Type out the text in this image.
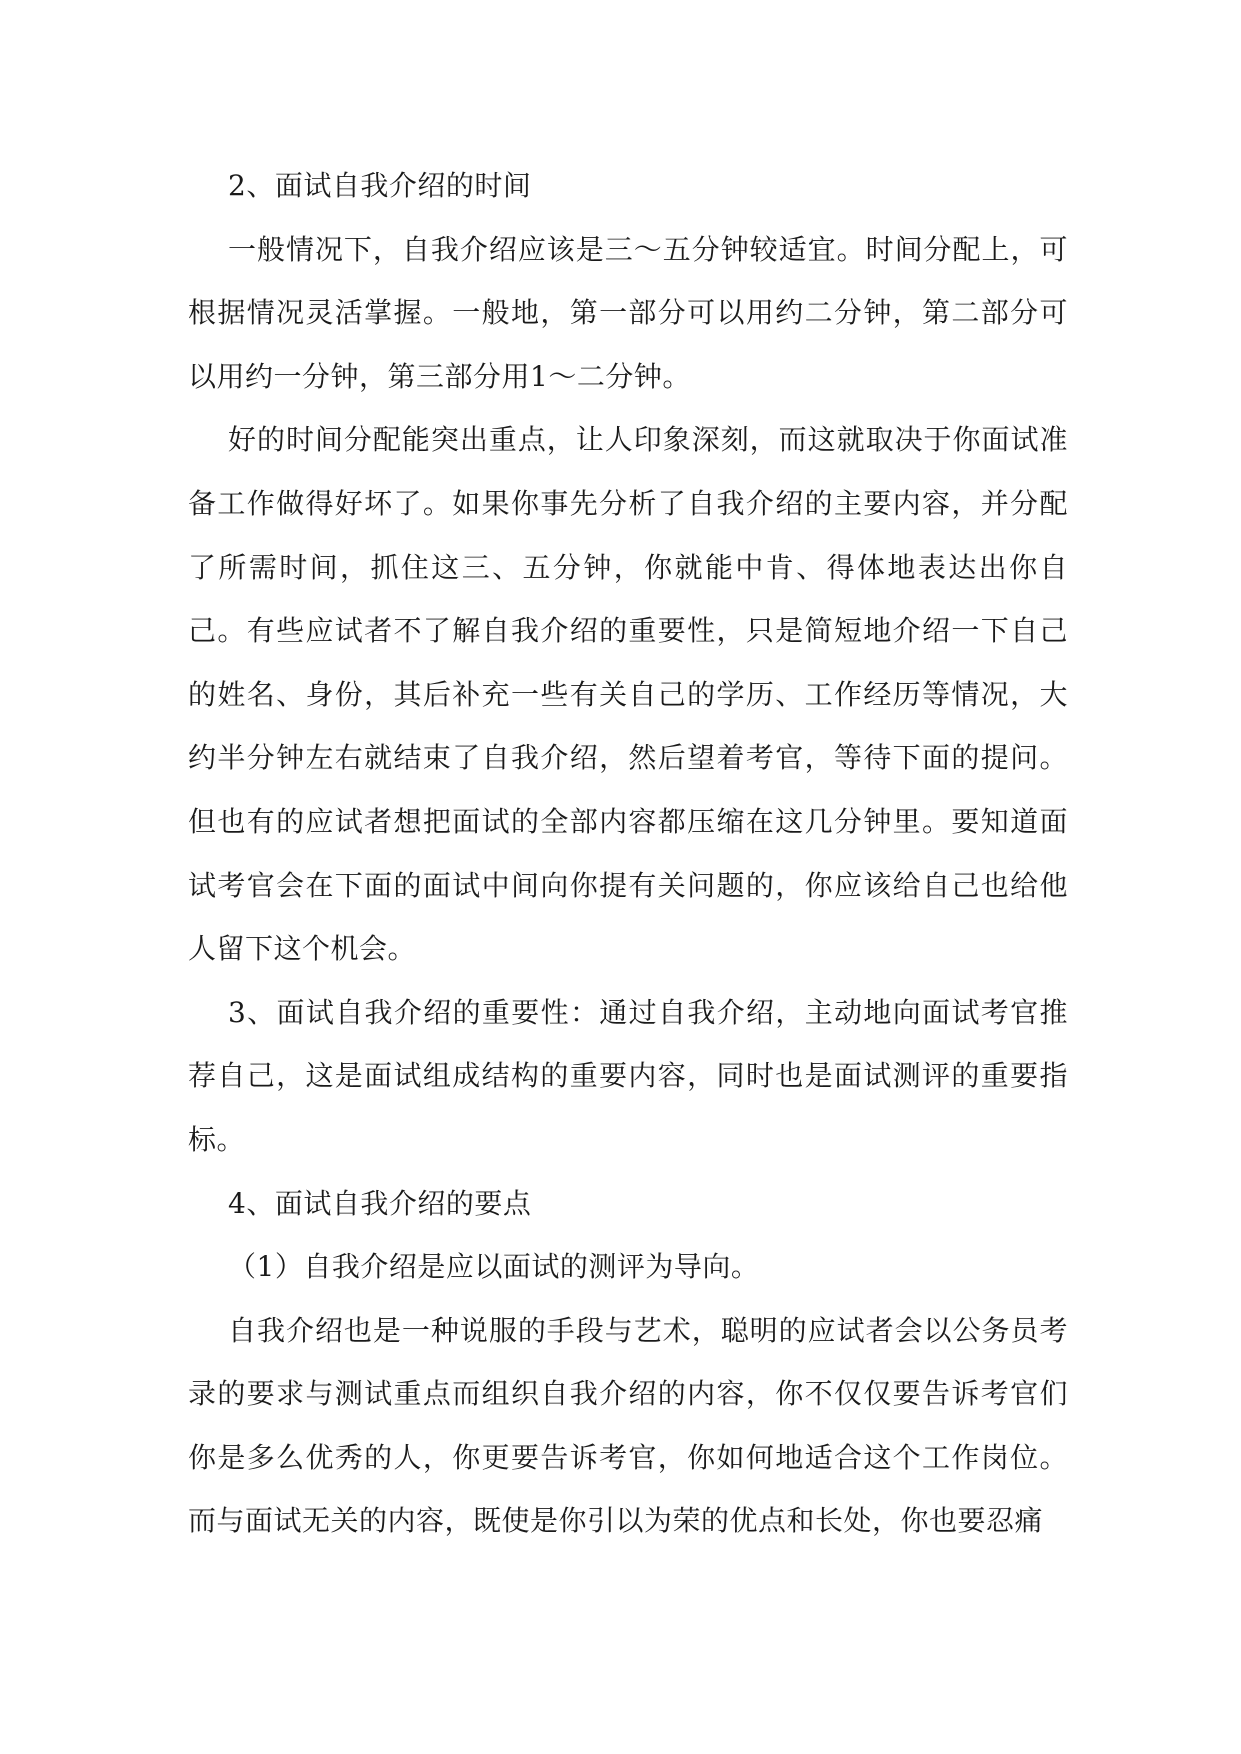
2、面试自我介绍的时间

一般情况下，自我介绍应该是三～五分钟较适宜。时间分配上，可根据情况灵活掌握。一般地，第一部分可以用约二分钟，第二部分可以用约一分钟，第三部分用1～二分钟。

好的时间分配能突出重点，让人印象深刻，而这就取决于你面试准备工作做得好坏了。如果你事先分析了自我介绍的主要内容，并分配了所需时间，抓住这三、五分钟，你就能中肯、得体地表达出你自己。有些应试者不了解自我介绍的重要性，只是简短地介绍一下自己的姓名、身份，其后补充一些有关自己的学历、工作经历等情况，大约半分钟左右就结束了自我介绍，然后望着考官，等待下面的提问。但也有的应试者想把面试的全部内容都压缩在这几分钟里。要知道面试考官会在下面的面试中间向你提有关问题的，你应该给自己也给他人留下这个机会。

3、面试自我介绍的重要性：通过自我介绍，主动地向面试考官推荐自己，这是面试组成结构的重要内容，同时也是面试测评的重要指标。

4、面试自我介绍的要点

（1）自我介绍是应以面试的测评为导向。

自我介绍也是一种说服的手段与艺术，聪明的应试者会以公务员考录的要求与测试重点而组织自我介绍的内容，你不仅仅要告诉考官们你是多么优秀的人，你更要告诉考官，你如何地适合这个工作岗位。而与面试无关的内容，既使是你引以为荣的优点和长处，你也要忍痛
